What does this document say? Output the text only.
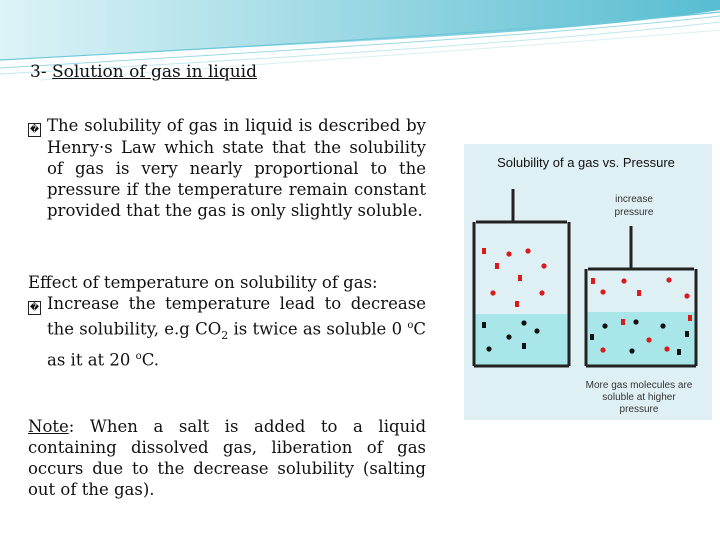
3- Solution of gas in liquid

� The solubility of gas in liquid is described by Henry·s Law which state that the solubility of gas is very nearly proportional to the pressure if the temperature remain constant provided that the gas is only slightly soluble.

Effect of temperature on solubility of gas:

� Increase the temperature lead to decrease the solubility, e.g $CO_2$ is twice as soluble 0 $^o$C as it at 20 $^o$C.

Note: When a salt is added to a liquid containing dissolved gas, liberation of gas occurs due to the decrease solubility (salting out of the gas).

Solubility of a gas vs. Pressure
increase
pressure
More gas molecules are
soluble at higher
pressure
